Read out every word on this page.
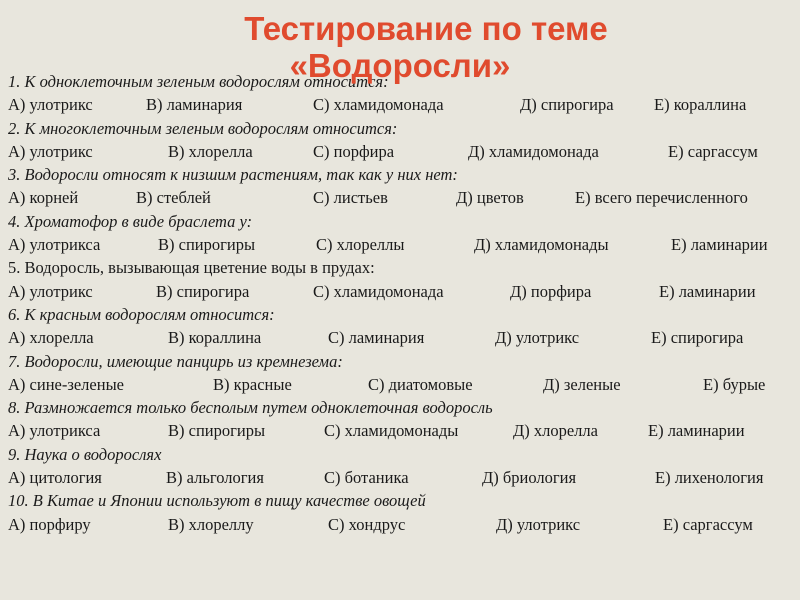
Тестирование по теме
«Водоросли»
1. К одноклеточным зеленым водорослям относится:
А) улотрикс	В) ламинария	С) хламидомонада	Д) спирогира Е) кораллина
2. К многоклеточным зеленым водорослям относится:
А) улотрикс	В) хлорелла	С) порфира	Д) хламидомонада	Е) саргассум
3. Водоросли относят к низшим растениям, так как у них нет:
А) корней	В) стеблей	С) листьев	Д) цветов	Е) всего перечисленного
4. Хроматофор в виде браслета у:
А) улотрикса	В) спирогиры	С) хлореллы	Д) хламидомонады	Е) ламинарии
5. Водоросль, вызывающая цветение воды в прудах:
А) улотрикс	В) спирогира	С) хламидомонада	Д) порфира	Е) ламинарии
6. К красным водорослям относится:
А) хлорелла	В) кораллина	С) ламинария	Д) улотрикс	Е) спирогира
7. Водоросли, имеющие панцирь из кремнезема:
А) сине-зеленые	В) красные	С) диатомовые	Д) зеленые	Е) бурые
8. Размножается только бесполым путем одноклеточная водоросль
А) улотрикса	В) спирогиры	С) хламидомонады	Д) хлорелла	Е) ламинарии
9. Наука о водорослях
А) цитология	В) альгология	С) ботаника	Д) бриология	Е) лихенология
10. В Китае и Японии используют в пищу качестве овощей
А) порфиру	В) хлореллу	С) хондрус	Д) улотрикс	Е) саргассум
